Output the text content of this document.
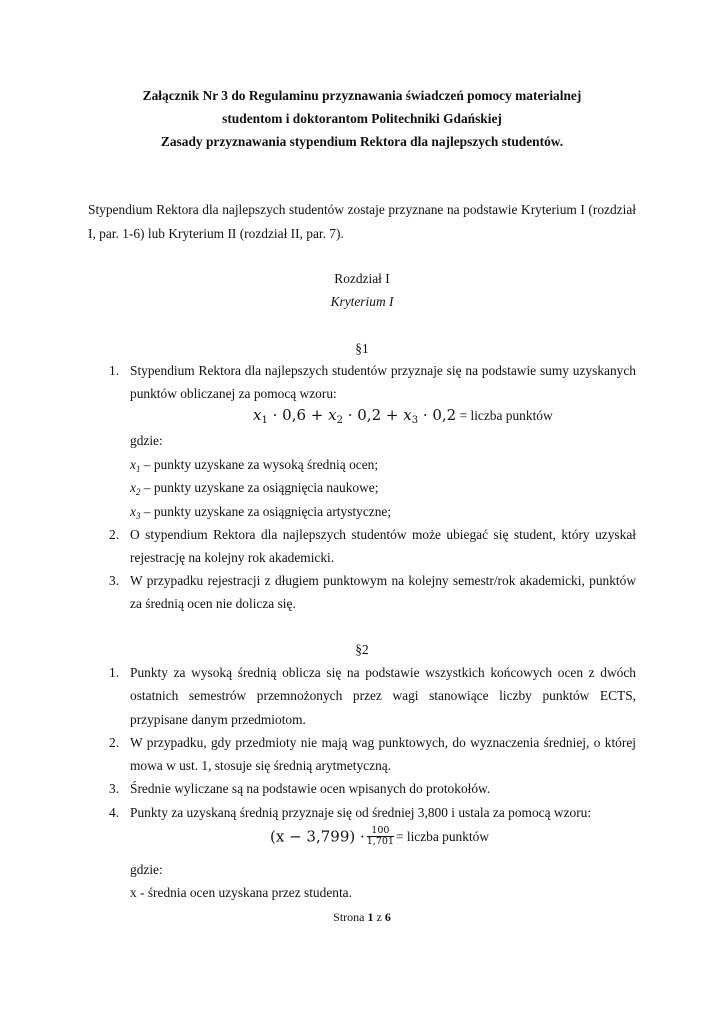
Załącznik Nr 3 do Regulaminu przyznawania świadczeń pomocy materialnej
studentom i doktorantom Politechniki Gdańskiej
Zasady przyznawania stypendium Rektora dla najlepszych studentów.
Stypendium Rektora dla najlepszych studentów zostaje przyznane na podstawie Kryterium I (rozdział
I, par. 1-6) lub Kryterium II (rozdział II, par. 7).
Rozdział I
Kryterium I
§1
1. Stypendium Rektora dla najlepszych studentów przyznaje się na podstawie sumy uzyskanych
punktów obliczanej za pomocą wzoru:
$x_1 \cdot 0,6 + x_2 \cdot 0,2 + x_3 \cdot 0,2$ = liczba punktów
gdzie:
$x_1$ – punkty uzyskane za wysoką średnią ocen;
$x_2$ – punkty uzyskane za osiągnięcia naukowe;
$x_3$ – punkty uzyskane za osiągnięcia artystyczne;
2. O stypendium Rektora dla najlepszych studentów może ubiegać się student, który uzyskał
rejestrację na kolejny rok akademicki.
3. W przypadku rejestracji z długiem punktowym na kolejny semestr/rok akademicki, punktów
za średnią ocen nie dolicza się.
§2
1. Punkty za wysoką średnią oblicza się na podstawie wszystkich końcowych ocen z dwóch
ostatnich semestrów przemnożonych przez wagi stanowiące liczby punktów ECTS,
przypisane danym przedmiotom.
2. W przypadku, gdy przedmioty nie mają wag punktowych, do wyznaczenia średniej, o której
mowa w ust. 1, stosuje się średnią arytmetyczną.
3. Średnie wyliczane są na podstawie ocen wpisanych do protokołów.
4. Punkty za uzyskaną średnią przyznaje się od średniej 3,800 i ustala za pomocą wzoru:
$(x - 3,799) \cdot \frac{100}{1,701}$ = liczba punktów
gdzie:
x - średnia ocen uzyskana przez studenta.
Strona 1 z 6
